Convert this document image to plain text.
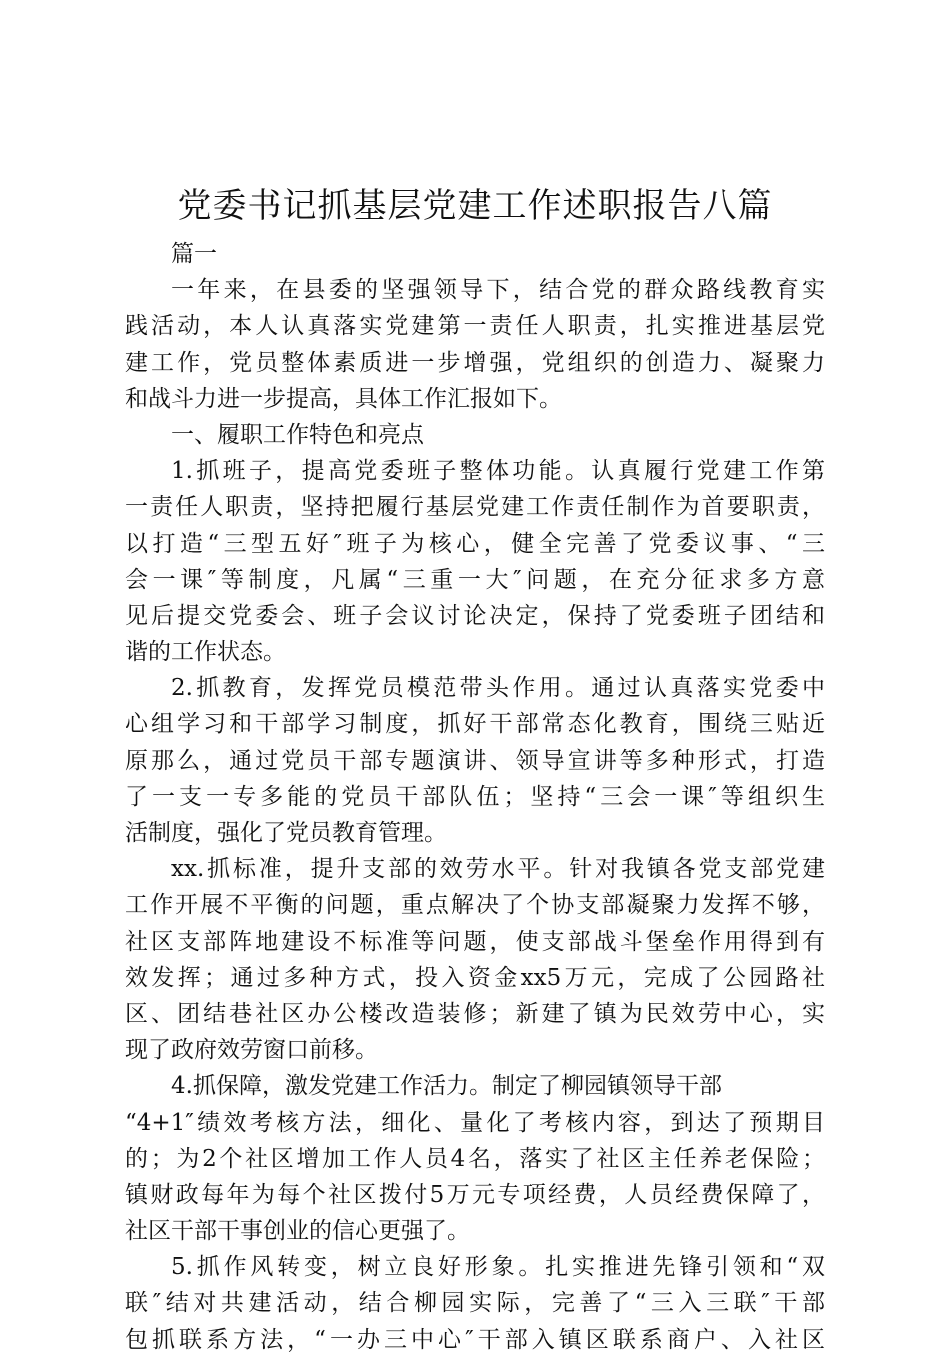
党委书记抓基层党建工作述职报告八篇
篇一
一年来，在县委的坚强领导下，结合党的群众路线教育实
践活动，本人认真落实党建第一责任人职责，扎实推进基层党
建工作，党员整体素质进一步增强，党组织的创造力、凝聚力
和战斗力进一步提高，具体工作汇报如下。
一、履职工作特色和亮点
1.抓班子，提高党委班子整体功能。认真履行党建工作第
一责任人职责，坚持把履行基层党建工作责任制作为首要职责，
以打造“三型五好″班子为核心，健全完善了党委议事、“三
会一课″等制度，凡属“三重一大″问题，在充分征求多方意
见后提交党委会、班子会议讨论决定，保持了党委班子团结和
谐的工作状态。
2.抓教育，发挥党员模范带头作用。通过认真落实党委中
心组学习和干部学习制度，抓好干部常态化教育，围绕三贴近
原那么，通过党员干部专题演讲、领导宣讲等多种形式，打造
了一支一专多能的党员干部队伍；坚持“三会一课″等组织生
活制度，强化了党员教育管理。
xx.抓标准，提升支部的效劳水平。针对我镇各党支部党建
工作开展不平衡的问题，重点解决了个协支部凝聚力发挥不够，
社区支部阵地建设不标准等问题，使支部战斗堡垒作用得到有
效发挥；通过多种方式，投入资金xx5万元，完成了公园路社
区、团结巷社区办公楼改造装修；新建了镇为民效劳中心，实
现了政府效劳窗口前移。
4.抓保障，激发党建工作活力。制定了柳园镇领导干部
“4+1″绩效考核方法，细化、量化了考核内容，到达了预期目
的；为2个社区增加工作人员4名，落实了社区主任养老保险；
镇财政每年为每个社区拨付5万元专项经费，人员经费保障了，
社区干部干事创业的信心更强了。
5.抓作风转变，树立良好形象。扎实推进先锋引领和“双
联″结对共建活动，结合柳园实际，完善了“三入三联″干部
包抓联系方法，“一办三中心″干部入镇区联系商户、入社区
